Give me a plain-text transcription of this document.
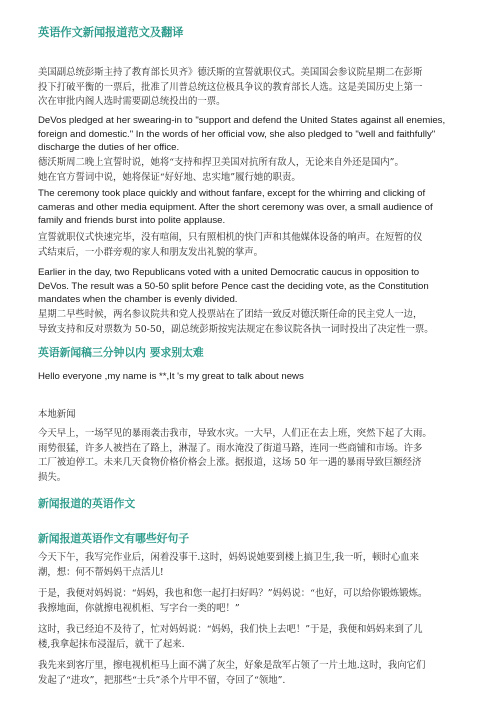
英语作文新闻报道范文及翻译
美国副总统彭斯主持了教育部长贝齐》德沃斯的宣誓就职仪式。美国国会参议院星期二在彭斯
投下打破平衡的一票后，批准了川普总统这位极具争议的教育部长人选。这是美国历史上第一
次在审批内阁人选时需要副总统投出的一票。
DeVos pledged at her swearing-in to "support and defend the United States against all enemies,
foreign and domestic." In the words of her official vow, she also pledged to "well and faithfully"
discharge the duties of her office.
德沃斯周二晚上宣誓时说，她将“支持和捍卫美国对抗所有敌人，无论来自外还是国内”。
她在官方誓词中说，她将保证“好好地、忠实地”履行她的职责。
The ceremony took place quickly and without fanfare, except for the whirring and clicking of
cameras and other media equipment. After the short ceremony was over, a small audience of
family and friends burst into polite applause.
宣誓就职仪式快速完毕，没有喧闹，只有照相机的快门声和其他媒体设备的响声。在短暂的仪
式结束后，一小群旁观的家人和朋友发出礼貌的掌声。
Earlier in the day, two Republicans voted with a united Democratic caucus in opposition to
DeVos. The result was a 50-50 split before Pence cast the deciding vote, as the Constitution
mandates when the chamber is evenly divided.
星期二早些时候，两名参议院共和党人投票站在了团结一致反对德沃斯任命的民主党人一边，
导致支持和反对票数为 50-50，副总统彭斯按宪法规定在参议院各执一词时投出了决定性一票。
英语新闻稿三分钟以内 要求别太难
Hello everyone ,my name is **,It 's my great to talk about news
本地新闻
今天早上，一场罕见的暴雨袭击我市，导致水灾。一大早，人们正在去上班，突然下起了大雨。
雨势很猛，许多人被挡在了路上，淋湿了。雨水淹没了街道马路，连同一些商铺和市场。许多
工厂被迫停工。未来几天食物价格价格会上涨。据报道，这场 50 年一遇的暴雨导致巨额经济
损失。
新闻报道的英语作文
新闻报道英语作文有哪些好句子
今天下午，我写完作业后，闲着没事干.这时，妈妈说她要到楼上搞卫生,我一听，顿时心血来
潮，想：何不帮妈妈干点活儿!
于是，我便对妈妈说：“妈妈，我也和您一起打扫好吗？”妈妈说：“也好，可以给你锻炼锻炼。
我擦地面，你就擦电视机柜、写字台一类的吧！”
这时，我已经迫不及待了，忙对妈妈说：“妈妈，我们快上去吧！”于是，我便和妈妈来到了儿
楼,我拿起抹布浸湿后，就干了起来.
我先来到客厅里，擦电视机柜马上面不满了灰尘，好象是敌军占领了一片土地.这时，我向它们
发起了“进攻”，把那些“士兵”杀个片甲不留，夺回了“领地”.
